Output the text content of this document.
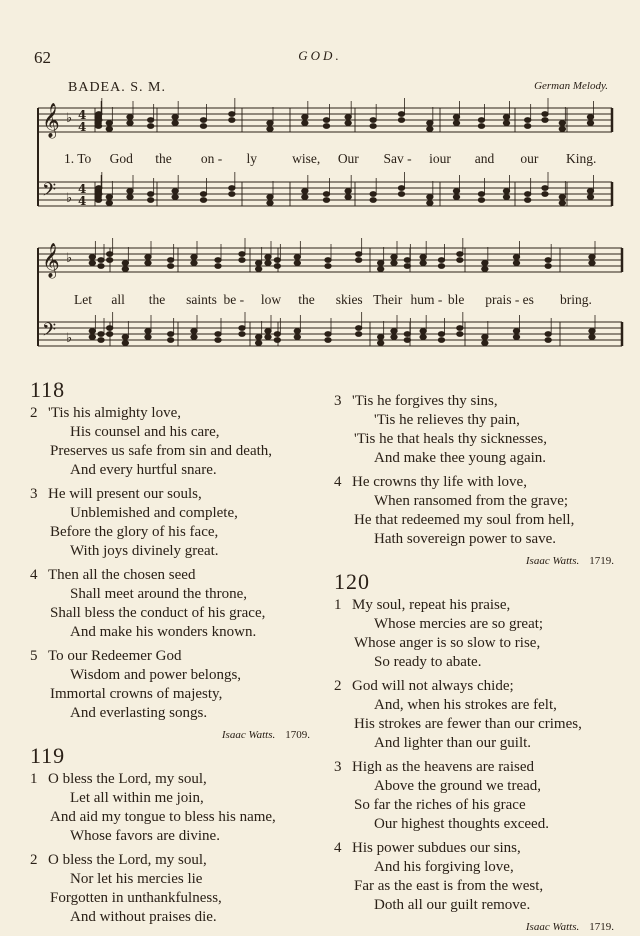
62	GOD.
BADEA. S. M.	German Melody.
𝄞 ♭ 4
4
𝄢 ♭
4
4
𝄞 ♭
𝄢 ♭
1. To God the on - ly	wise, Our Sav - iour and our King.
Let all the saints be - low the skies Their hum - ble prais - es bring.
118
2 'Tis his almighty love,
His counsel and his care,
Preserves us safe from sin and death,
And every hurtful snare.
3 He will present our souls,
Unblemished and complete,
Before the glory of his face,
With joys divinely great.
4 Then all the chosen seed
Shall meet around the throne,
Shall bless the conduct of his grace,
And make his wonders known.
5 To our Redeemer God
Wisdom and power belongs,
Immortal crowns of majesty,
And everlasting songs.
Isaac Watts. 1709.
119
1 O bless the Lord, my soul,
Let all within me join,
And aid my tongue to bless his name,
Whose favors are divine.
2 O bless the Lord, my soul,
Nor let his mercies lie
Forgotten in unthankfulness,
And without praises die.
3 'Tis he forgives thy sins,
'Tis he relieves thy pain,
'Tis he that heals thy sicknesses,
And make thee young again.
4 He crowns thy life with love,
When ransomed from the grave;
He that redeemed my soul from hell,
Hath sovereign power to save.
Isaac Watts. 1719.
120
1 My soul, repeat his praise,
Whose mercies are so great;
Whose anger is so slow to rise,
So ready to abate.
2 God will not always chide;
And, when his strokes are felt,
His strokes are fewer than our crimes,
And lighter than our guilt.
3 High as the heavens are raised
Above the ground we tread,
So far the riches of his grace
Our highest thoughts exceed.
4 His power subdues our sins,
And his forgiving love,
Far as the east is from the west,
Doth all our guilt remove.
Isaac Watts. 1719.
